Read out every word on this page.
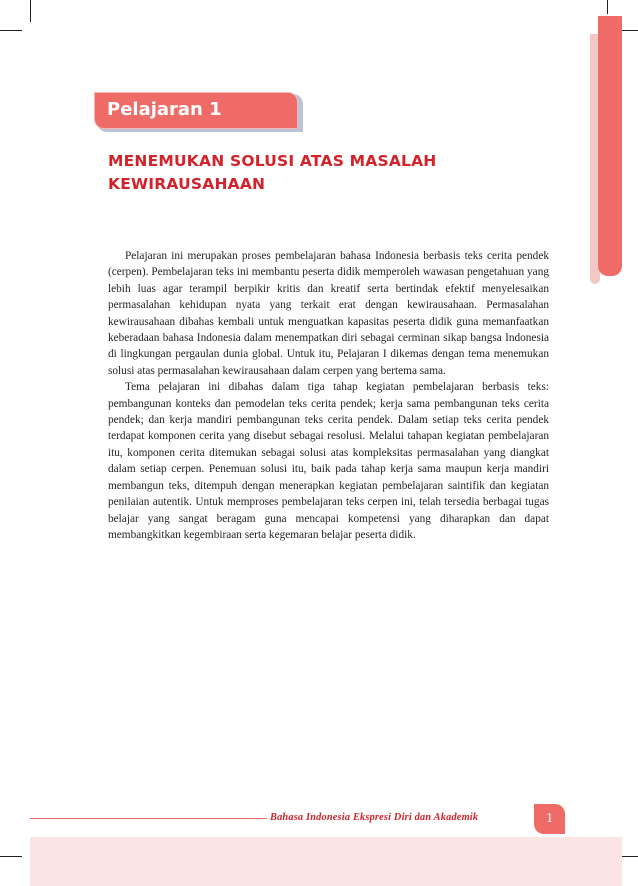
Pelajaran 1
MENEMUKAN SOLUSI ATAS MASALAH
KEWIRAUSAHAAN

Pelajaran ini merupakan proses pembelajaran bahasa Indonesia berbasis teks cerita pendek (cerpen). Pembelajaran teks ini membantu peserta didik memperoleh wawasan pengetahuan yang lebih luas agar terampil berpikir kritis dan kreatif serta bertindak efektif menyelesaikan permasalahan kehidupan nyata yang terkait erat dengan kewirausahaan. Permasalahan kewirausahaan dibahas kembali untuk menguatkan kapasitas peserta didik guna memanfaatkan keberadaan bahasa Indonesia dalam menempatkan diri sebagai cerminan sikap bangsa Indonesia di lingkungan pergaulan dunia global. Untuk itu, Pelajaran I dikemas dengan tema menemukan solusi atas permasalahan kewirausahaan dalam cerpen yang bertema sama.

Tema pelajaran ini dibahas dalam tiga tahap kegiatan pembelajaran berbasis teks: pembangunan konteks dan pemodelan teks cerita pendek; kerja sama pembangunan teks cerita pendek; dan kerja mandiri pembangunan teks cerita pendek. Dalam setiap teks cerita pendek terdapat komponen cerita yang disebut sebagai resolusi. Melalui tahapan kegiatan pembelajaran itu, komponen cerita ditemukan sebagai solusi atas kompleksitas permasalahan yang diangkat dalam setiap cerpen. Penemuan solusi itu, baik pada tahap kerja sama maupun kerja mandiri membangun teks, ditempuh dengan menerapkan kegiatan pembelajaran saintifik dan kegiatan penilaian autentik. Untuk memproses pembelajaran teks cerpen ini, telah tersedia berbagai tugas belajar yang sangat beragam guna mencapai kompetensi yang diharapkan dan dapat membangkitkan kegembiraan serta kegemaran belajar peserta didik.

Bahasa Indonesia Ekspresi Diri dan Akademik	1
